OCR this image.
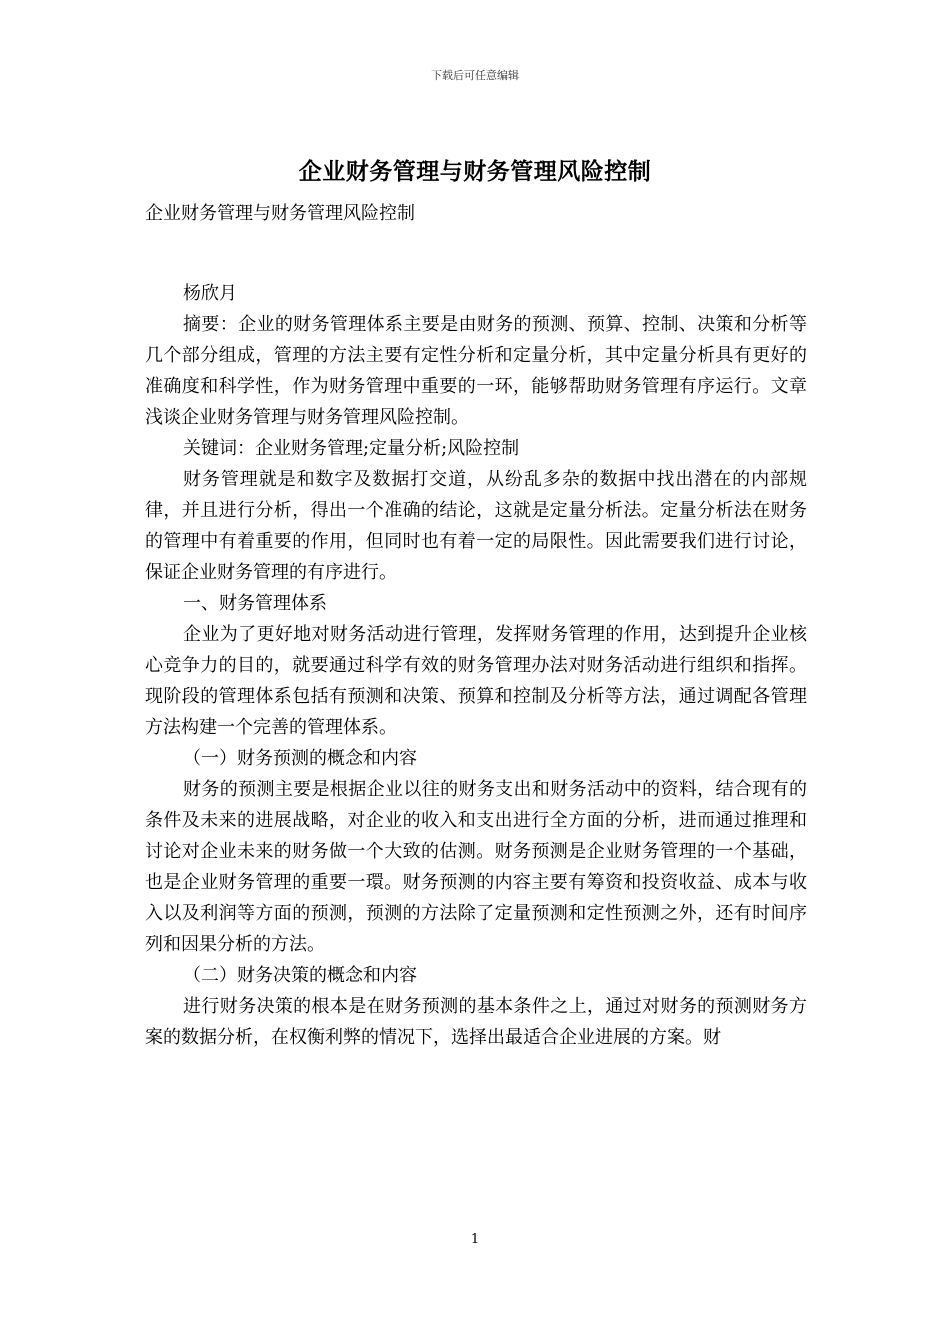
下载后可任意编辑
企业财务管理与财务管理风险控制

企业财务管理与财务管理风险控制

杨欣月

摘要：企业的财务管理体系主要是由财务的预测、预算、控制、决策和分析等几个部分组成，管理的方法主要有定性分析和定量分析，其中定量分析具有更好的准确度和科学性，作为财务管理中重要的一环，能够帮助财务管理有序运行。文章浅谈企业财务管理与财务管理风险控制。

关键词：企业财务管理;定量分析;风险控制

财务管理就是和数字及数据打交道，从纷乱多杂的数据中找出潜在的内部规律，并且进行分析，得出一个准确的结论，这就是定量分析法。定量分析法在财务的管理中有着重要的作用，但同时也有着一定的局限性。因此需要我们进行讨论，保证企业财务管理的有序进行。

一、财务管理体系

企业为了更好地对财务活动进行管理，发挥财务管理的作用，达到提升企业核心竞争力的目的，就要通过科学有效的财务管理办法对财务活动进行组织和指挥。现阶段的管理体系包括有预测和决策、预算和控制及分析等方法，通过调配各管理方法构建一个完善的管理体系。

（一）财务预测的概念和内容

财务的预测主要是根据企业以往的财务支出和财务活动中的资料，结合现有的条件及未来的进展战略，对企业的收入和支出进行全方面的分析，进而通过推理和讨论对企业未来的财务做一个大致的估测。财务预测是企业财务管理的一个基础，也是企业财务管理的重要一環。财务预测的内容主要有筹资和投资收益、成本与收入以及利润等方面的预测，预测的方法除了定量预测和定性预测之外，还有时间序列和因果分析的方法。

（二）财务决策的概念和内容

进行财务决策的根本是在财务预测的基本条件之上，通过对财务的预测财务方案的数据分析，在权衡利弊的情况下，选择出最适合企业进展的方案。财

1
